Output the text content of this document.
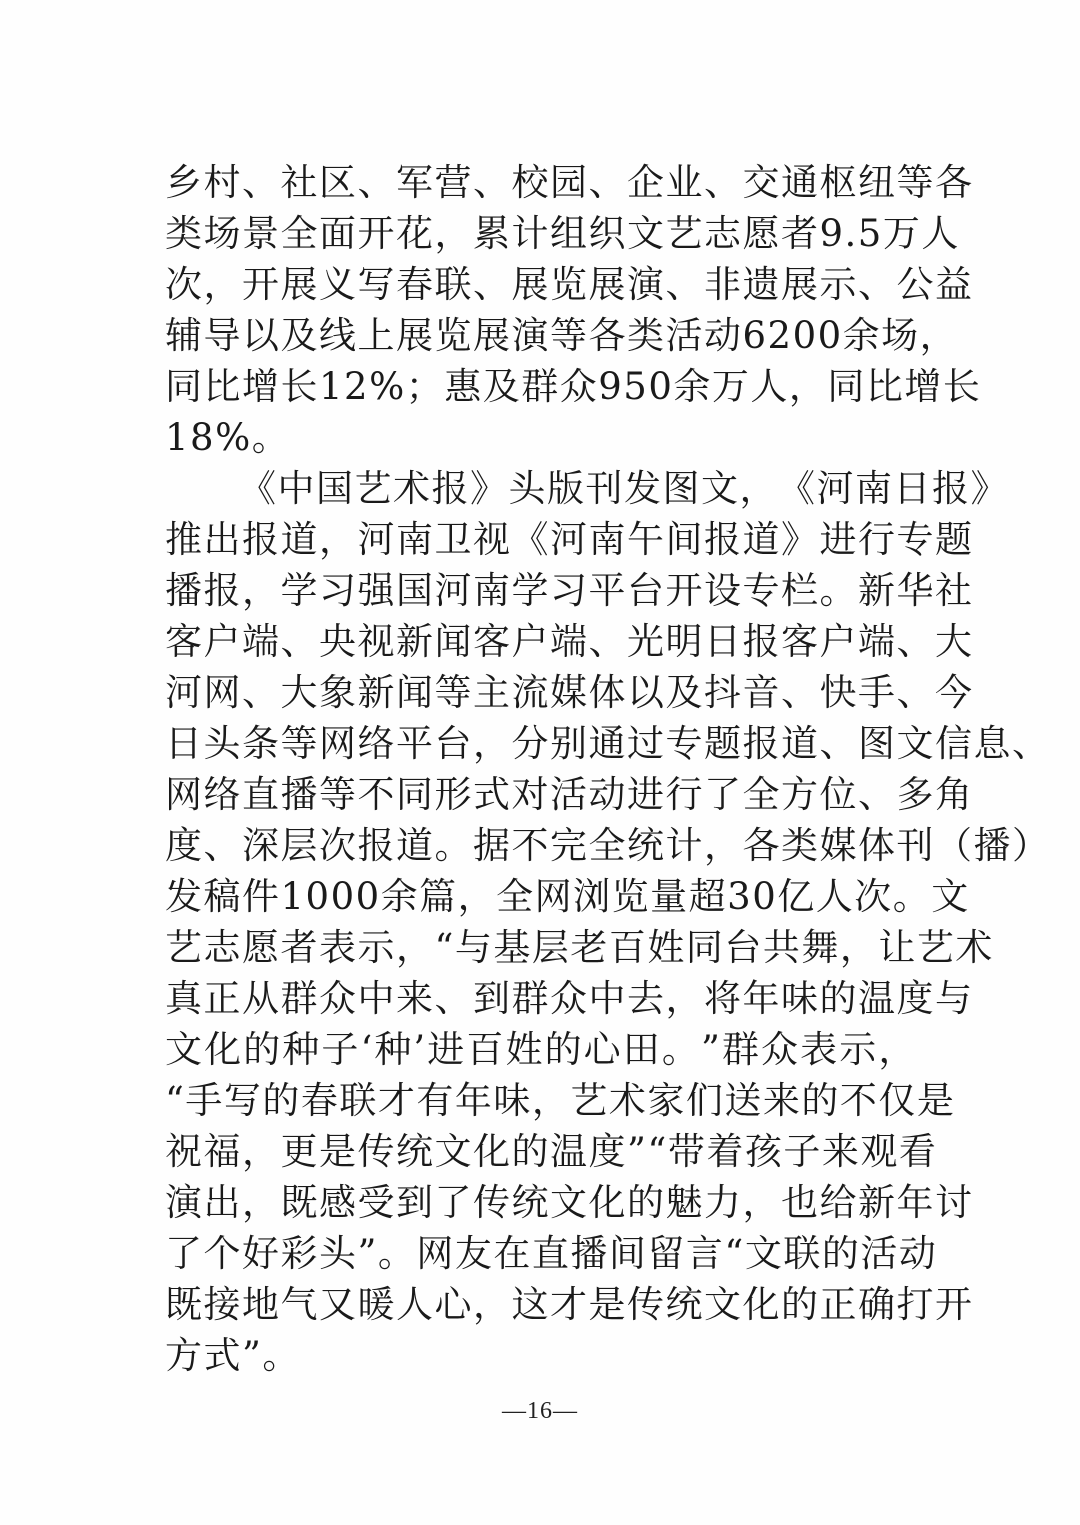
乡 村 、 社 区 、 军 营 、 校 园 、 企 业 、 交 通 枢 纽 等 各
类 场 景 全 面 开 花 ， 累 计 组 织 文 艺 志 愿 者 9.5 万 人
次 ， 开 展 义 写 春 联 、 展 览 展 演 、 非 遗 展 示 、 公 益
辅 导 以 及 线 上 展 览 展 演 等 各 类 活 动 6200 余 场 ，
同 比 增 长 12% ； 惠 及 群 众 950 余 万 人 ， 同 比 增 长
18%。
《 中 国 艺 术 报 》 头 版 刊 发 图 文 ， 《 河 南 日 报 》
推 出 报 道 ， 河 南 卫 视 《 河 南 午 间 报 道 》 进 行 专 题
播 报 ， 学 习 强 国 河 南 学 习 平 台 开 设 专 栏 。 新 华 社
客 户 端 、 央 视 新 闻 客 户 端 、 光 明 日 报 客 户 端 、 大
河 网 、 大 象 新 闻 等 主 流 媒 体 以 及 抖 音 、 快 手 、 今
日 头 条 等 网 络 平 台 ， 分 别 通 过 专 题 报 道 、 图 文 信 息 、
网 络 直 播 等 不 同 形 式 对 活 动 进 行 了 全 方 位 、 多 角
度 、 深 层 次 报 道 。 据 不 完 全 统 计 ， 各 类 媒 体 刊 （ 播 ）
发 稿 件 1000 余 篇 ， 全 网 浏 览 量 超 30 亿 人 次 。 文
艺 志 愿 者 表 示 ， “ 与 基 层 老 百 姓 同 台 共 舞 ， 让 艺 术
真 正 从 群 众 中 来 、 到 群 众 中 去 ， 将 年 味 的 温 度 与
文 化 的 种 子 ‘ 种 ’ 进 百 姓 的 心 田 。 ” 群 众 表 示 ，
“ 手 写 的 春 联 才 有 年 味 ， 艺 术 家 们 送 来 的 不 仅 是
祝 福 ， 更 是 传 统 文 化 的 温 度 ” “ 带 着 孩 子 来 观 看
演 出 ， 既 感 受 到 了 传 统 文 化 的 魅 力 ， 也 给 新 年 讨
了 个 好 彩 头 ” 。 网 友 在 直 播 间 留 言 “ 文 联 的 活 动
既 接 地 气 又 暖 人 心 ， 这 才 是 传 统 文 化 的 正 确 打 开
方式”。
—16—
